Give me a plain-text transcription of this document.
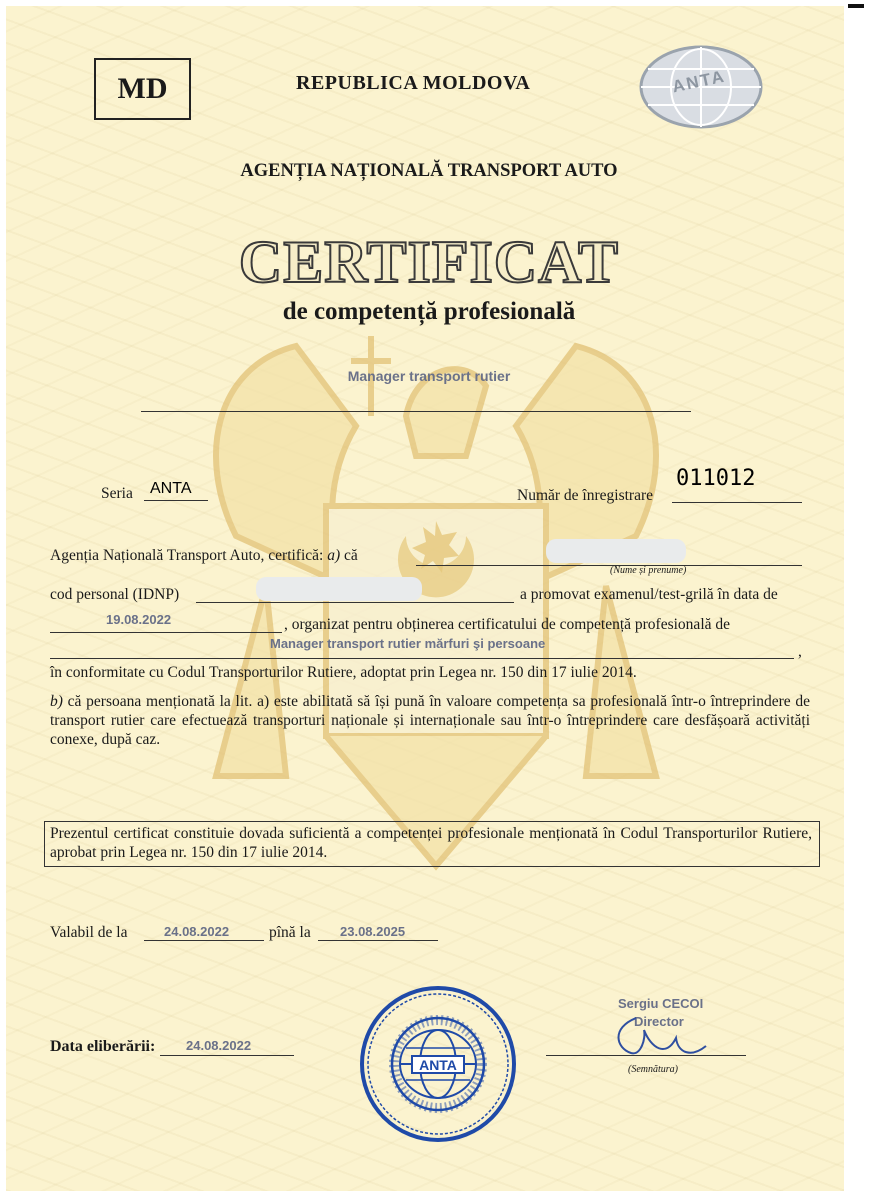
MD	REPUBLICA MOLDOVA	ANTA
AGENȚIA NAȚIONALĂ TRANSPORT AUTO
CERTIFICAT
de competență profesională
Manager transport rutier
Seria ANTA	Număr de înregistrare
011012
Agenția Națională Transport Auto, certifică: a) că
(Nume și prenume)
cod personal (IDNP)	a promovat examenul/test-grilă în data de
19.08.2022	, organizat pentru obținerea certificatului de competență profesională de
Manager transport rutier mărfuri şi persoane	,
în conformitate cu Codul Transporturilor Rutiere, adoptat prin Legea nr. 150 din 17 iulie 2014.
b) că persoana menționată la lit. a) este abilitată să își pună în valoare competența sa profesională într-o întreprindere de transport rutier care efectuează transporturi naționale și internaționale sau într-o întreprindere care desfășoară activități conexe, după caz.
Prezentul certificat constituie dovada suficientă a competenței profesionale menționată în Codul Transporturilor Rutiere, aprobat prin Legea nr. 150 din 17 iulie 2014.
Valabil de la	24.08.2022	pînă la 23.08.2025
Data eliberării: 24.08.2022
ANTA
Sergiu CECOI
Director
(Semnătura)
